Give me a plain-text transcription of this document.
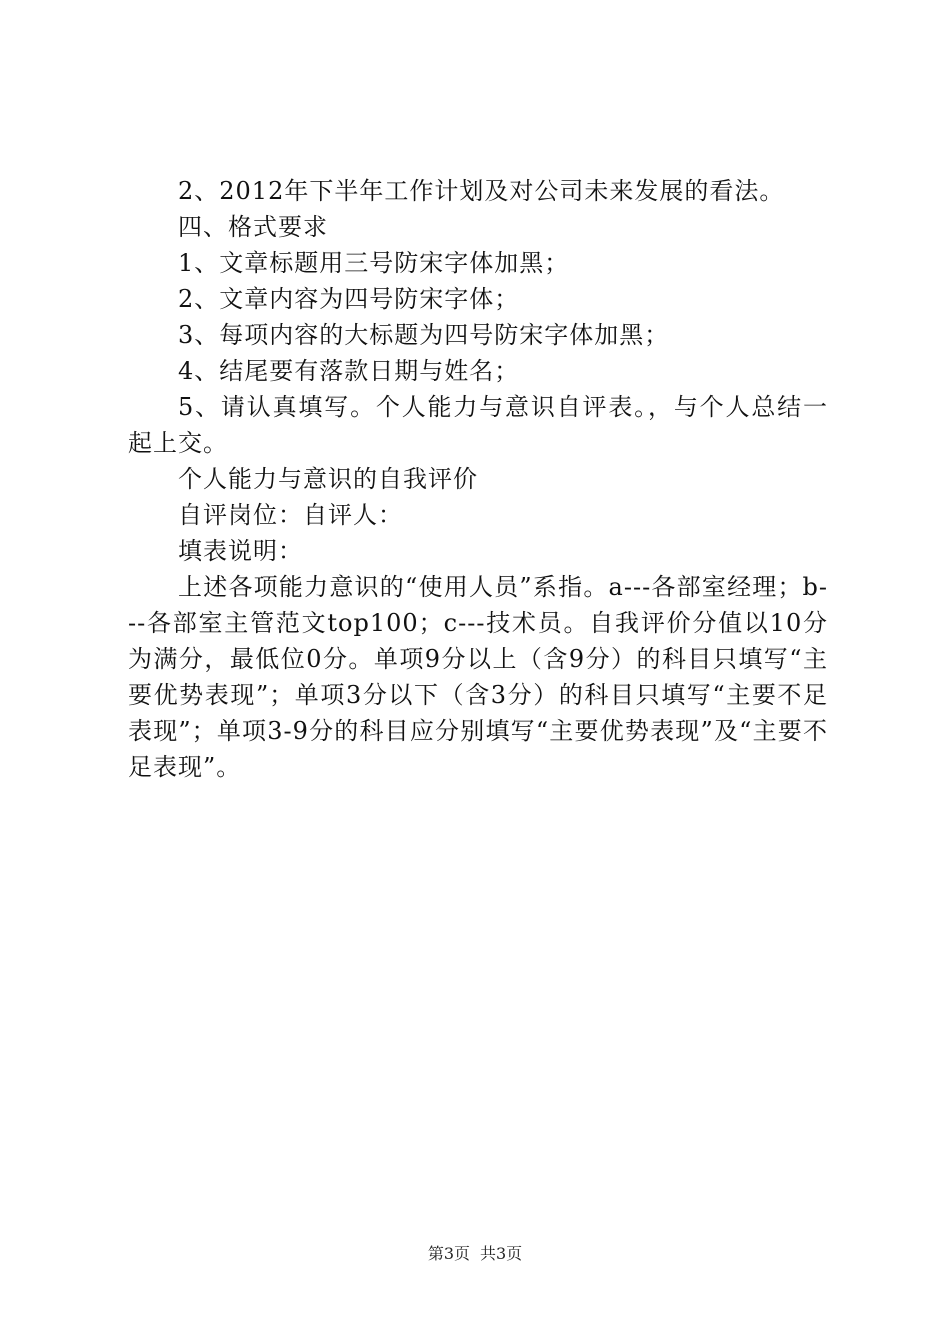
2、2012年下半年工作计划及对公司未来发展的看法。

四、格式要求

1、文章标题用三号防宋字体加黑；

2、文章内容为四号防宋字体；

3、每项内容的大标题为四号防宋字体加黑；

4、结尾要有落款日期与姓名；

5、请认真填写。个人能力与意识自评表。，与个人总结一起上交。

个人能力与意识的自我评价

自评岗位：自评人：

填表说明：

上述各项能力意识的“使用人员”系指。a---各部室经理；b---各部室主管范文top100；c---技术员。自我评价分值以10分为满分，最低位0分。单项9分以上（含9分）的科目只填写“主要优势表现”；单项3分以下（含3分）的科目只填写“主要不足表现”；单项3-9分的科目应分别填写“主要优势表现”及“主要不足表现”。

第3页 共3页
